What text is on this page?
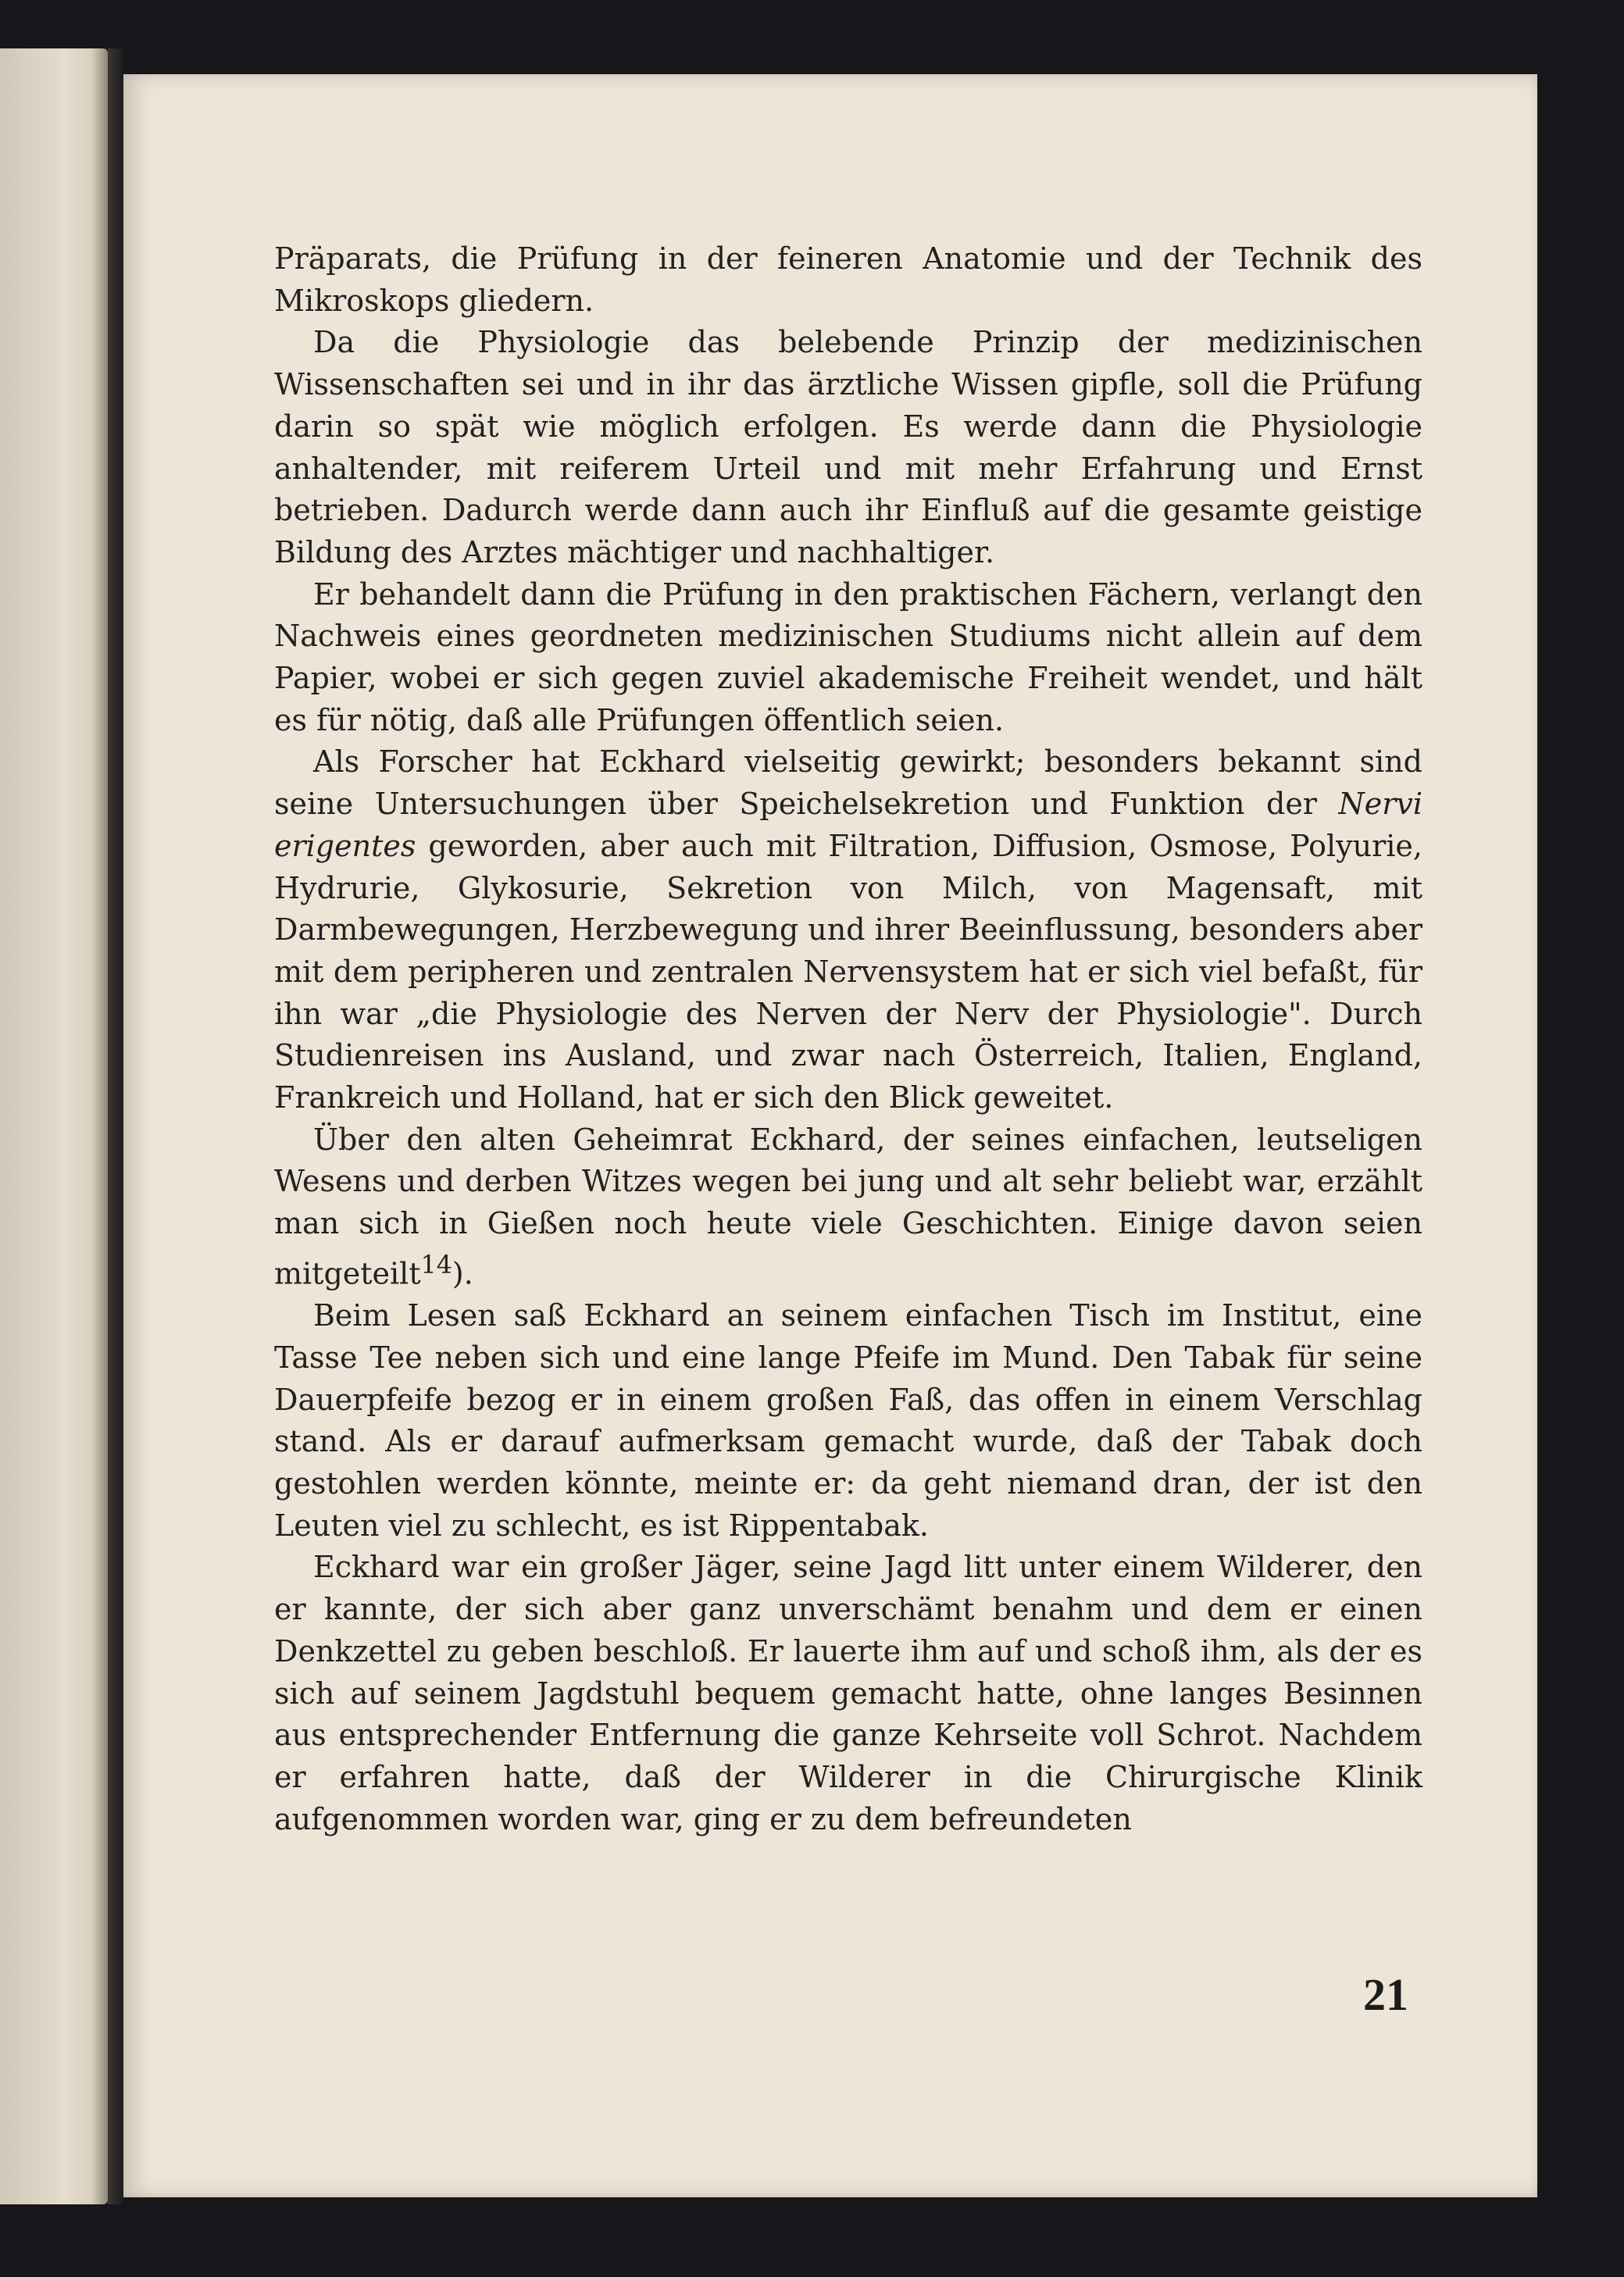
Präparats, die Prüfung in der feineren Anatomie und der Technik des Mikroskops gliedern.

Da die Physiologie das belebende Prinzip der medizinischen Wissenschaften sei und in ihr das ärztliche Wissen gipfle, soll die Prüfung darin so spät wie möglich erfolgen. Es werde dann die Physiologie anhaltender, mit reiferem Urteil und mit mehr Erfahrung und Ernst betrieben. Dadurch werde dann auch ihr Einfluß auf die gesamte geistige Bildung des Arztes mächtiger und nachhaltiger.

Er behandelt dann die Prüfung in den praktischen Fächern, verlangt den Nachweis eines geordneten medizinischen Studiums nicht allein auf dem Papier, wobei er sich gegen zuviel akademische Freiheit wendet, und hält es für nötig, daß alle Prüfungen öffentlich seien.

Als Forscher hat Eckhard vielseitig gewirkt; besonders bekannt sind seine Untersuchungen über Speichelsekretion und Funktion der Nervi erigentes geworden, aber auch mit Filtration, Diffusion, Osmose, Polyurie, Hydrurie, Glykosurie, Sekretion von Milch, von Magensaft, mit Darmbewegungen, Herzbewegung und ihrer Beeinflussung, besonders aber mit dem peripheren und zentralen Nervensystem hat er sich viel befaßt, für ihn war „die Physiologie des Nerven der Nerv der Physiologie". Durch Studienreisen ins Ausland, und zwar nach Österreich, Italien, England, Frankreich und Holland, hat er sich den Blick geweitet.

Über den alten Geheimrat Eckhard, der seines einfachen, leutseligen Wesens und derben Witzes wegen bei jung und alt sehr beliebt war, erzählt man sich in Gießen noch heute viele Geschichten. Einige davon seien mitgeteilt$^{14}$).

Beim Lesen saß Eckhard an seinem einfachen Tisch im Institut, eine Tasse Tee neben sich und eine lange Pfeife im Mund. Den Tabak für seine Dauerpfeife bezog er in einem großen Faß, das offen in einem Verschlag stand. Als er darauf aufmerksam gemacht wurde, daß der Tabak doch gestohlen werden könnte, meinte er: da geht niemand dran, der ist den Leuten viel zu schlecht, es ist Rippentabak.

Eckhard war ein großer Jäger, seine Jagd litt unter einem Wilderer, den er kannte, der sich aber ganz unverschämt benahm und dem er einen Denkzettel zu geben beschloß. Er lauerte ihm auf und schoß ihm, als der es sich auf seinem Jagdstuhl bequem gemacht hatte, ohne langes Besinnen aus entsprechender Entfernung die ganze Kehrseite voll Schrot. Nachdem er erfahren hatte, daß der Wilderer in die Chirurgische Klinik aufgenommen worden war, ging er zu dem befreundeten

21
